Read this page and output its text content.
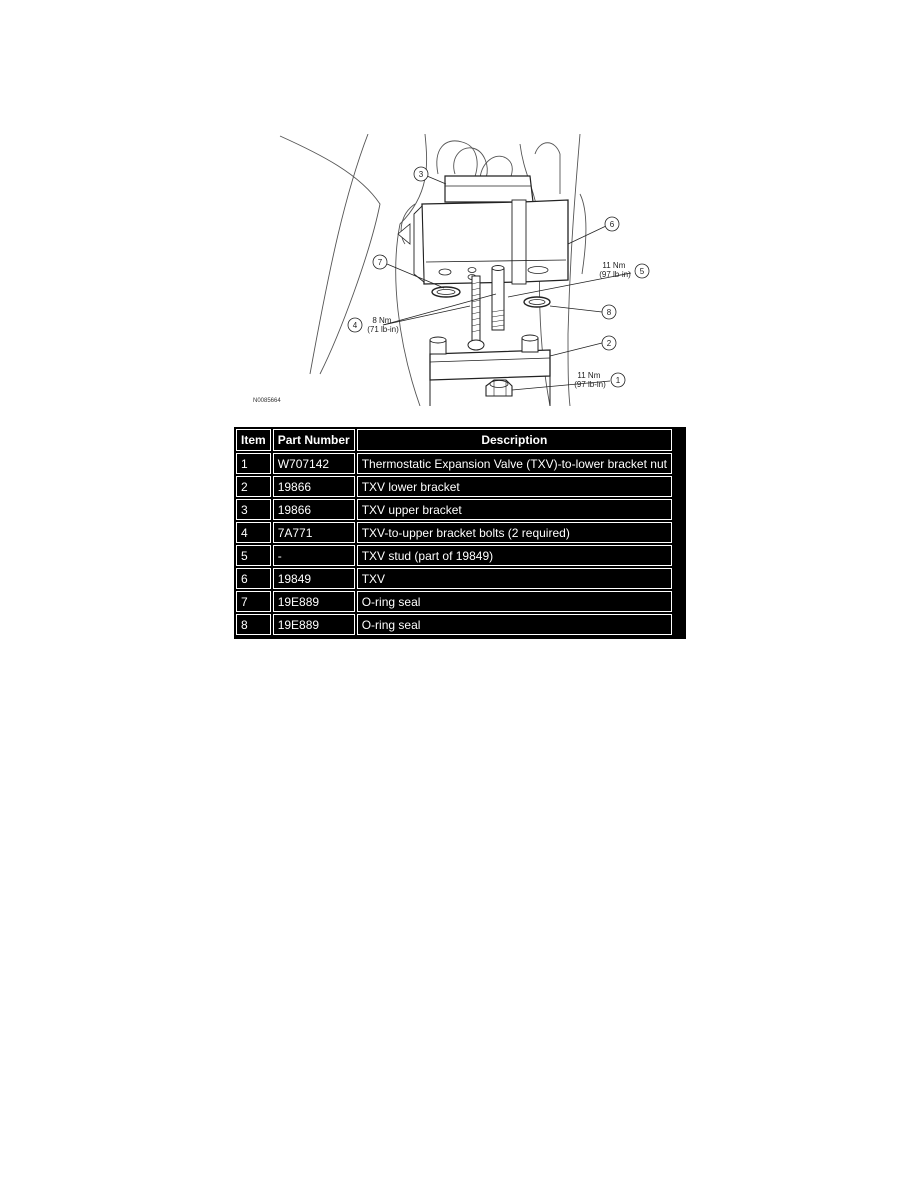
3
6
7
5
8
4
2
1
11 Nm (97 lb-in)
8 Nm (71 lb-in)
11 Nm (97 lb-in)
N0085664
Item	Part Number	Description
1	W707142	Thermostatic Expansion Valve (TXV)-to-lower bracket nut
2	19866	TXV lower bracket
3	19866	TXV upper bracket
4	7A771	TXV-to-upper bracket bolts (2 required)
5	-	TXV stud (part of 19849)
6	19849	TXV
7	19E889	O-ring seal
8	19E889	O-ring seal
